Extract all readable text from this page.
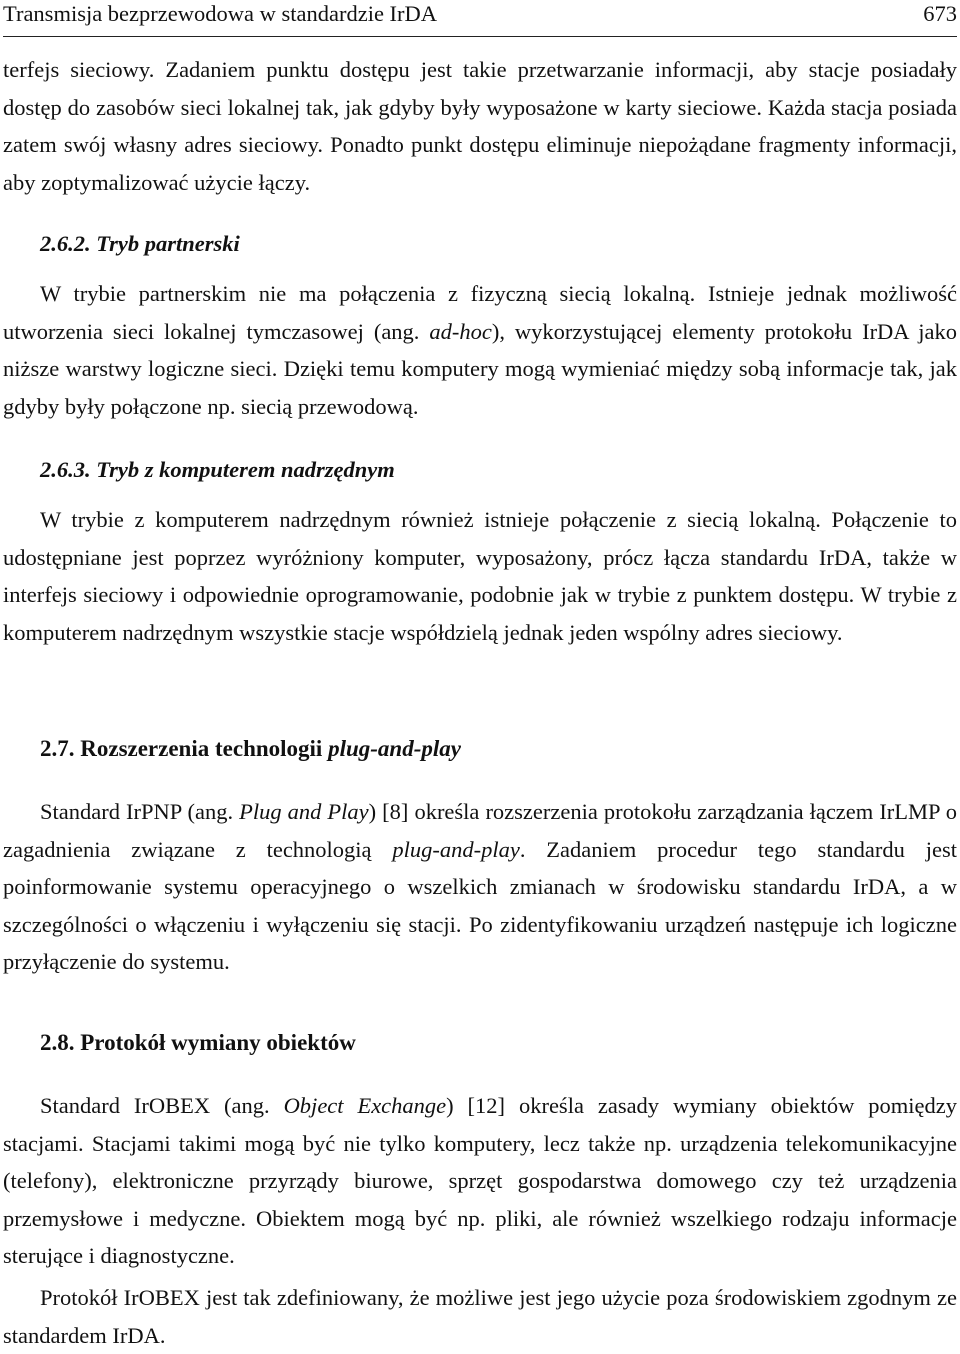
Transmisja bezprzewodowa w standardzie IrDA	673

terfejs sieciowy. Zadaniem punktu dostępu jest takie przetwarzanie informacji, aby stacje posiadały dostęp do zasobów sieci lokalnej tak, jak gdyby były wyposażone w karty sieciowe. Każda stacja posiada zatem swój własny adres sieciowy. Ponadto punkt dostępu eliminuje niepożądane fragmenty informacji, aby zoptymalizować użycie łączy.

2.6.2. Tryb partnerski

W trybie partnerskim nie ma połączenia z fizyczną siecią lokalną. Istnieje jednak możliwość utworzenia sieci lokalnej tymczasowej (ang. ad-hoc), wykorzystującej elementy protokołu IrDA jako niższe warstwy logiczne sieci. Dzięki temu komputery mogą wymieniać między sobą informacje tak, jak gdyby były połączone np. siecią przewodową.

2.6.3. Tryb z komputerem nadrzędnym

W trybie z komputerem nadrzędnym również istnieje połączenie z siecią lokalną. Połączenie to udostępniane jest poprzez wyróżniony komputer, wyposażony, prócz łącza standardu IrDA, także w interfejs sieciowy i odpowiednie oprogramowanie, podobnie jak w trybie z punktem dostępu. W trybie z komputerem nadrzędnym wszystkie stacje współdzielą jednak jeden wspólny adres sieciowy.

2.7. Rozszerzenia technologii plug-and-play

Standard IrPNP (ang. Plug and Play) [8] określa rozszerzenia protokołu zarządzania łączem IrLMP o zagadnienia związane z technologią plug-and-play. Zadaniem procedur tego standardu jest poinformowanie systemu operacyjnego o wszelkich zmianach w środowisku standardu IrDA, a w szczególności o włączeniu i wyłączeniu się stacji. Po zidentyfikowaniu urządzeń następuje ich logiczne przyłączenie do systemu.

2.8. Protokół wymiany obiektów

Standard IrOBEX (ang. Object Exchange) [12] określa zasady wymiany obiektów pomiędzy stacjami. Stacjami takimi mogą być nie tylko komputery, lecz także np. urządzenia telekomunikacyjne (telefony), elektroniczne przyrządy biurowe, sprzęt gospodarstwa domowego czy też urządzenia przemysłowe i medyczne. Obiektem mogą być np. pliki, ale również wszelkiego rodzaju informacje sterujące i diagnostyczne.

Protokół IrOBEX jest tak zdefiniowany, że możliwe jest jego użycie poza środowiskiem zgodnym ze standardem IrDA.
